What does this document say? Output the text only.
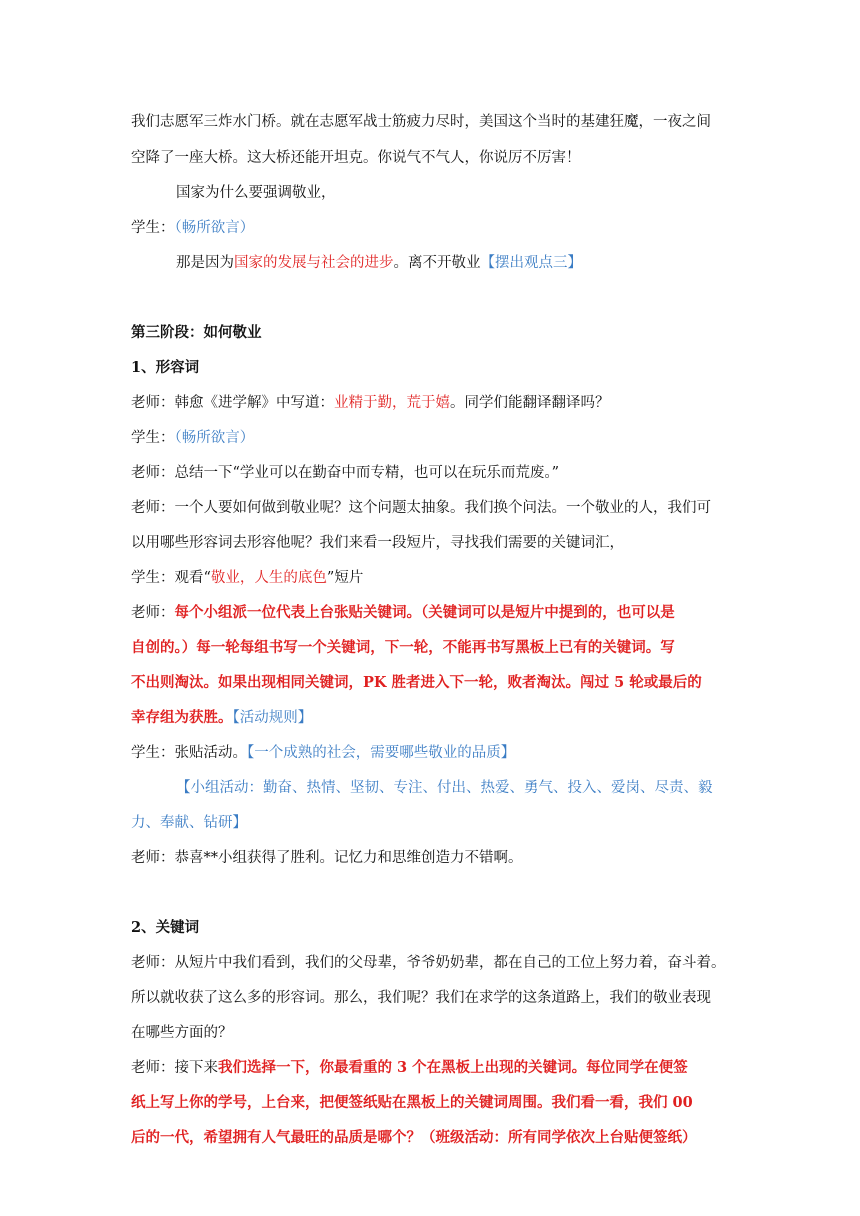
我们志愿军三炸水门桥。就在志愿军战士筋疲力尽时，美国这个当时的基建狂魔，一夜之间
空降了一座大桥。这大桥还能开坦克。你说气不气人，你说厉不厉害！
国家为什么要强调敬业，
学生：（畅所欲言）
那是因为国家的发展与社会的进步。离不开敬业【摆出观点三】
第三阶段：如何敬业
1、形容词
老师：韩愈《进学解》中写道：业精于勤，荒于嬉。同学们能翻译翻译吗？
学生：（畅所欲言）
老师：总结一下“学业可以在勤奋中而专精，也可以在玩乐而荒废。”
老师：一个人要如何做到敬业呢？这个问题太抽象。我们换个问法。一个敬业的人，我们可
以用哪些形容词去形容他呢？我们来看一段短片，寻找我们需要的关键词汇，
学生：观看“敬业，人生的底色”短片
老师：每个小组派一位代表上台张贴关键词。（关键词可以是短片中提到的，也可以是
自创的。）每一轮每组书写一个关键词，下一轮，不能再书写黑板上已有的关键词。写
不出则淘汰。如果出现相同关键词，PK 胜者进入下一轮，败者淘汰。闯过 5 轮或最后的
幸存组为获胜。【活动规则】
学生：张贴活动。【一个成熟的社会，需要哪些敬业的品质】
【小组活动：勤奋、热情、坚韧、专注、付出、热爱、勇气、投入、爱岗、尽责、毅
力、奉献、钻研】
老师：恭喜**小组获得了胜利。记忆力和思维创造力不错啊。
2、关键词
老师：从短片中我们看到，我们的父母辈，爷爷奶奶辈，都在自己的工位上努力着，奋斗着。
所以就收获了这么多的形容词。那么，我们呢？我们在求学的这条道路上，我们的敬业表现
在哪些方面的？
老师：接下来我们选择一下，你最看重的 3 个在黑板上出现的关键词。每位同学在便签
纸上写上你的学号，上台来，把便签纸贴在黑板上的关键词周围。我们看一看，我们 00
后的一代，希望拥有人气最旺的品质是哪个？（班级活动：所有同学依次上台贴便签纸）
